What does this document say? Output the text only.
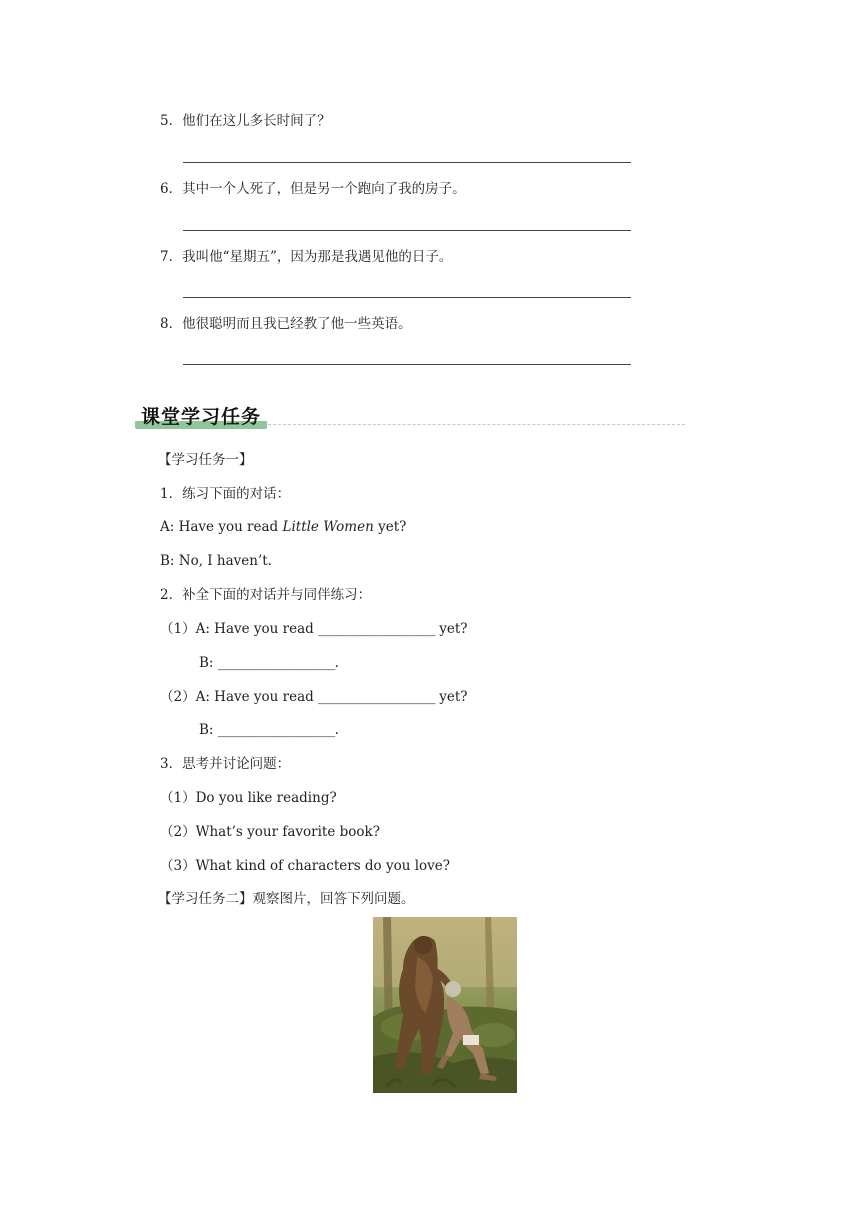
5．他们在这儿多长时间了？
6．其中一个人死了，但是另一个跑向了我的房子。
7．我叫他“星期五”，因为那是我遇见他的日子。
8．他很聪明而且我已经教了他一些英语。
课堂学习任务
【学习任务一】
1．练习下面的对话：
A: Have you read Little Women yet?
B: No, I haven’t.
2．补全下面的对话并与同伴练习：
（1）A: Have you read ___________________ yet?
B: ___________________.
（2）A: Have you read ___________________ yet?
B: ___________________.
3．思考并讨论问题：
（1）Do you like reading?
（2）What’s your favorite book?
（3）What kind of characters do you love?
【学习任务二】观察图片，回答下列问题。
